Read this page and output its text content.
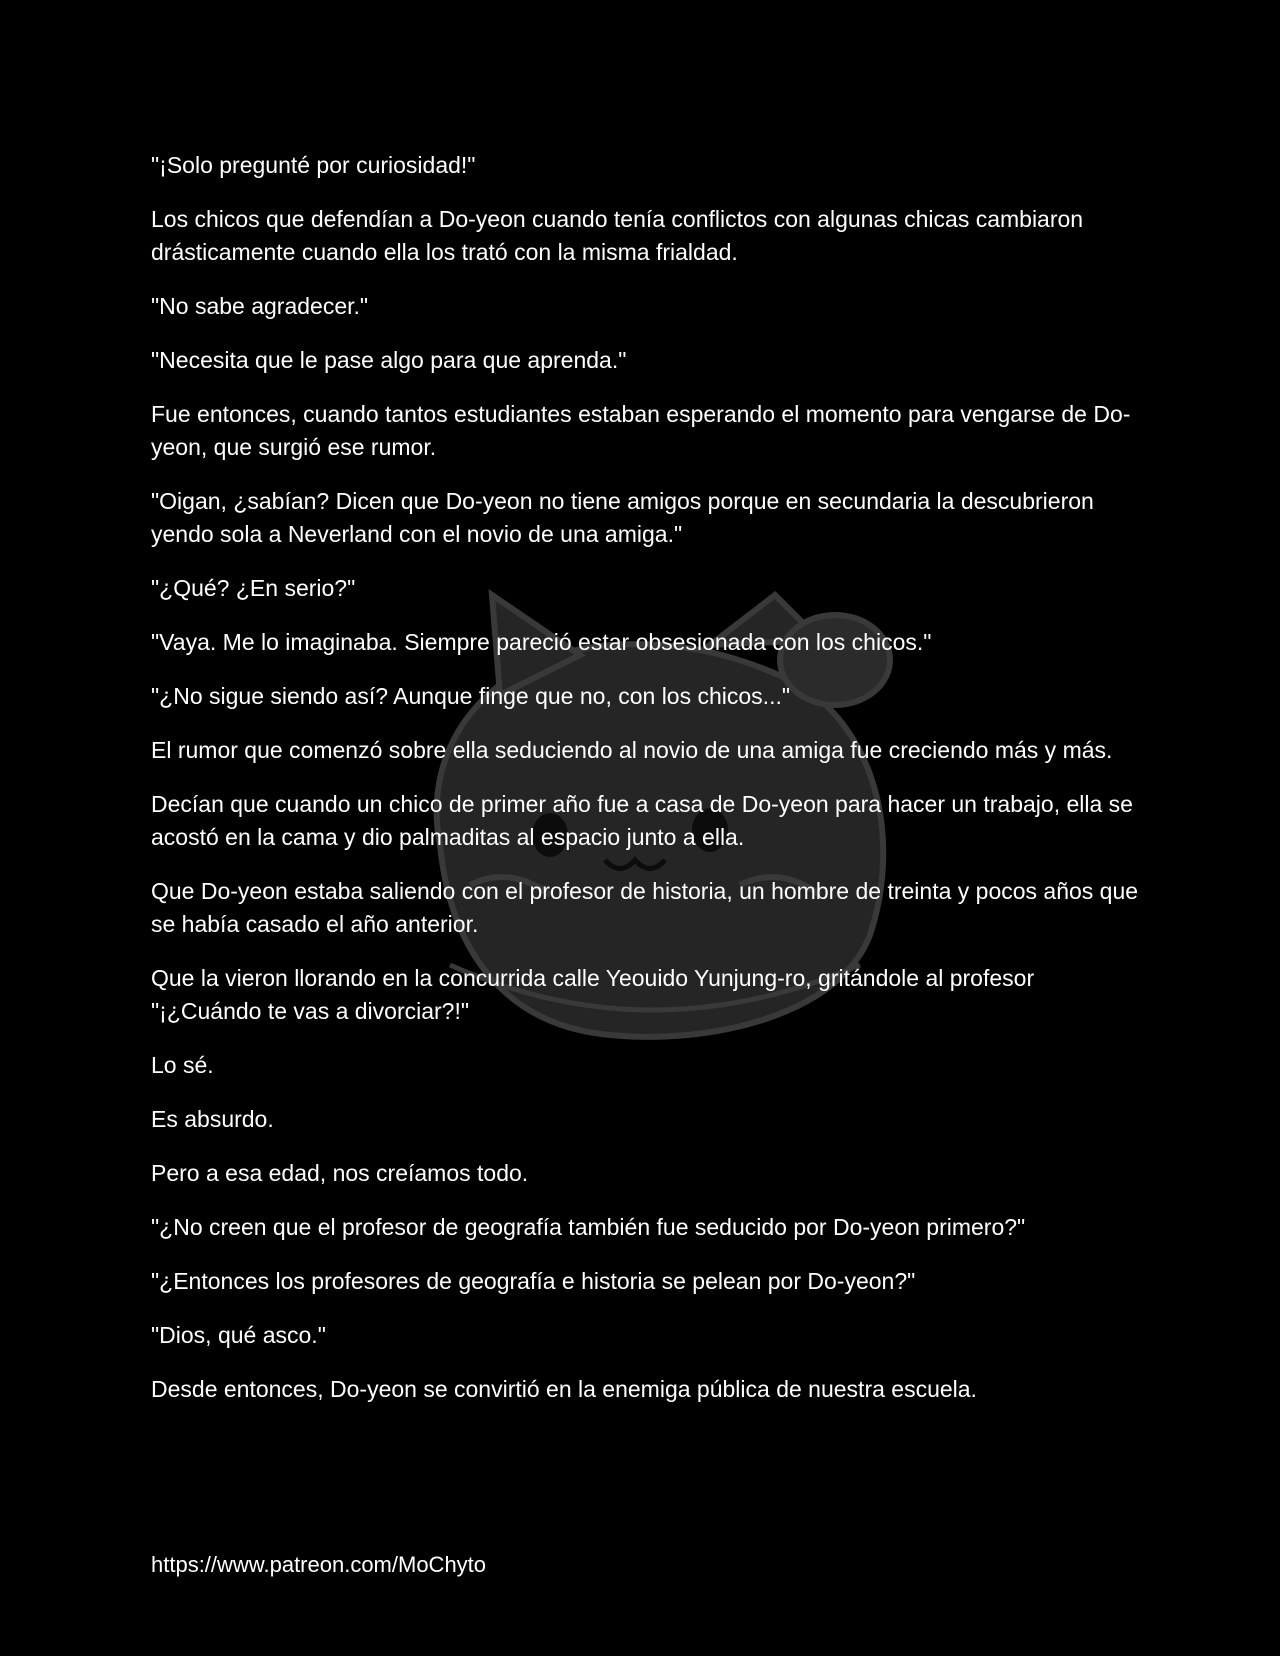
"¡Solo pregunté por curiosidad!"

Los chicos que defendían a Do-yeon cuando tenía conflictos con algunas chicas cambiaron drásticamente cuando ella los trató con la misma frialdad.

"No sabe agradecer."

"Necesita que le pase algo para que aprenda."

Fue entonces, cuando tantos estudiantes estaban esperando el momento para vengarse de Do-yeon, que surgió ese rumor.

"Oigan, ¿sabían? Dicen que Do-yeon no tiene amigos porque en secundaria la descubrieron yendo sola a Neverland con el novio de una amiga."

"¿Qué? ¿En serio?"

"Vaya. Me lo imaginaba. Siempre pareció estar obsesionada con los chicos."

"¿No sigue siendo así? Aunque finge que no, con los chicos..."

El rumor que comenzó sobre ella seduciendo al novio de una amiga fue creciendo más y más.

Decían que cuando un chico de primer año fue a casa de Do-yeon para hacer un trabajo, ella se acostó en la cama y dio palmaditas al espacio junto a ella.

Que Do-yeon estaba saliendo con el profesor de historia, un hombre de treinta y pocos años que se había casado el año anterior.

Que la vieron llorando en la concurrida calle Yeouido Yunjung-ro, gritándole al profesor "¡¿Cuándo te vas a divorciar?!"

Lo sé.

Es absurdo.

Pero a esa edad, nos creíamos todo.

"¿No creen que el profesor de geografía también fue seducido por Do-yeon primero?"

"¿Entonces los profesores de geografía e historia se pelean por Do-yeon?"

"Dios, qué asco."

Desde entonces, Do-yeon se convirtió en la enemiga pública de nuestra escuela.

https://www.patreon.com/MoChyto
